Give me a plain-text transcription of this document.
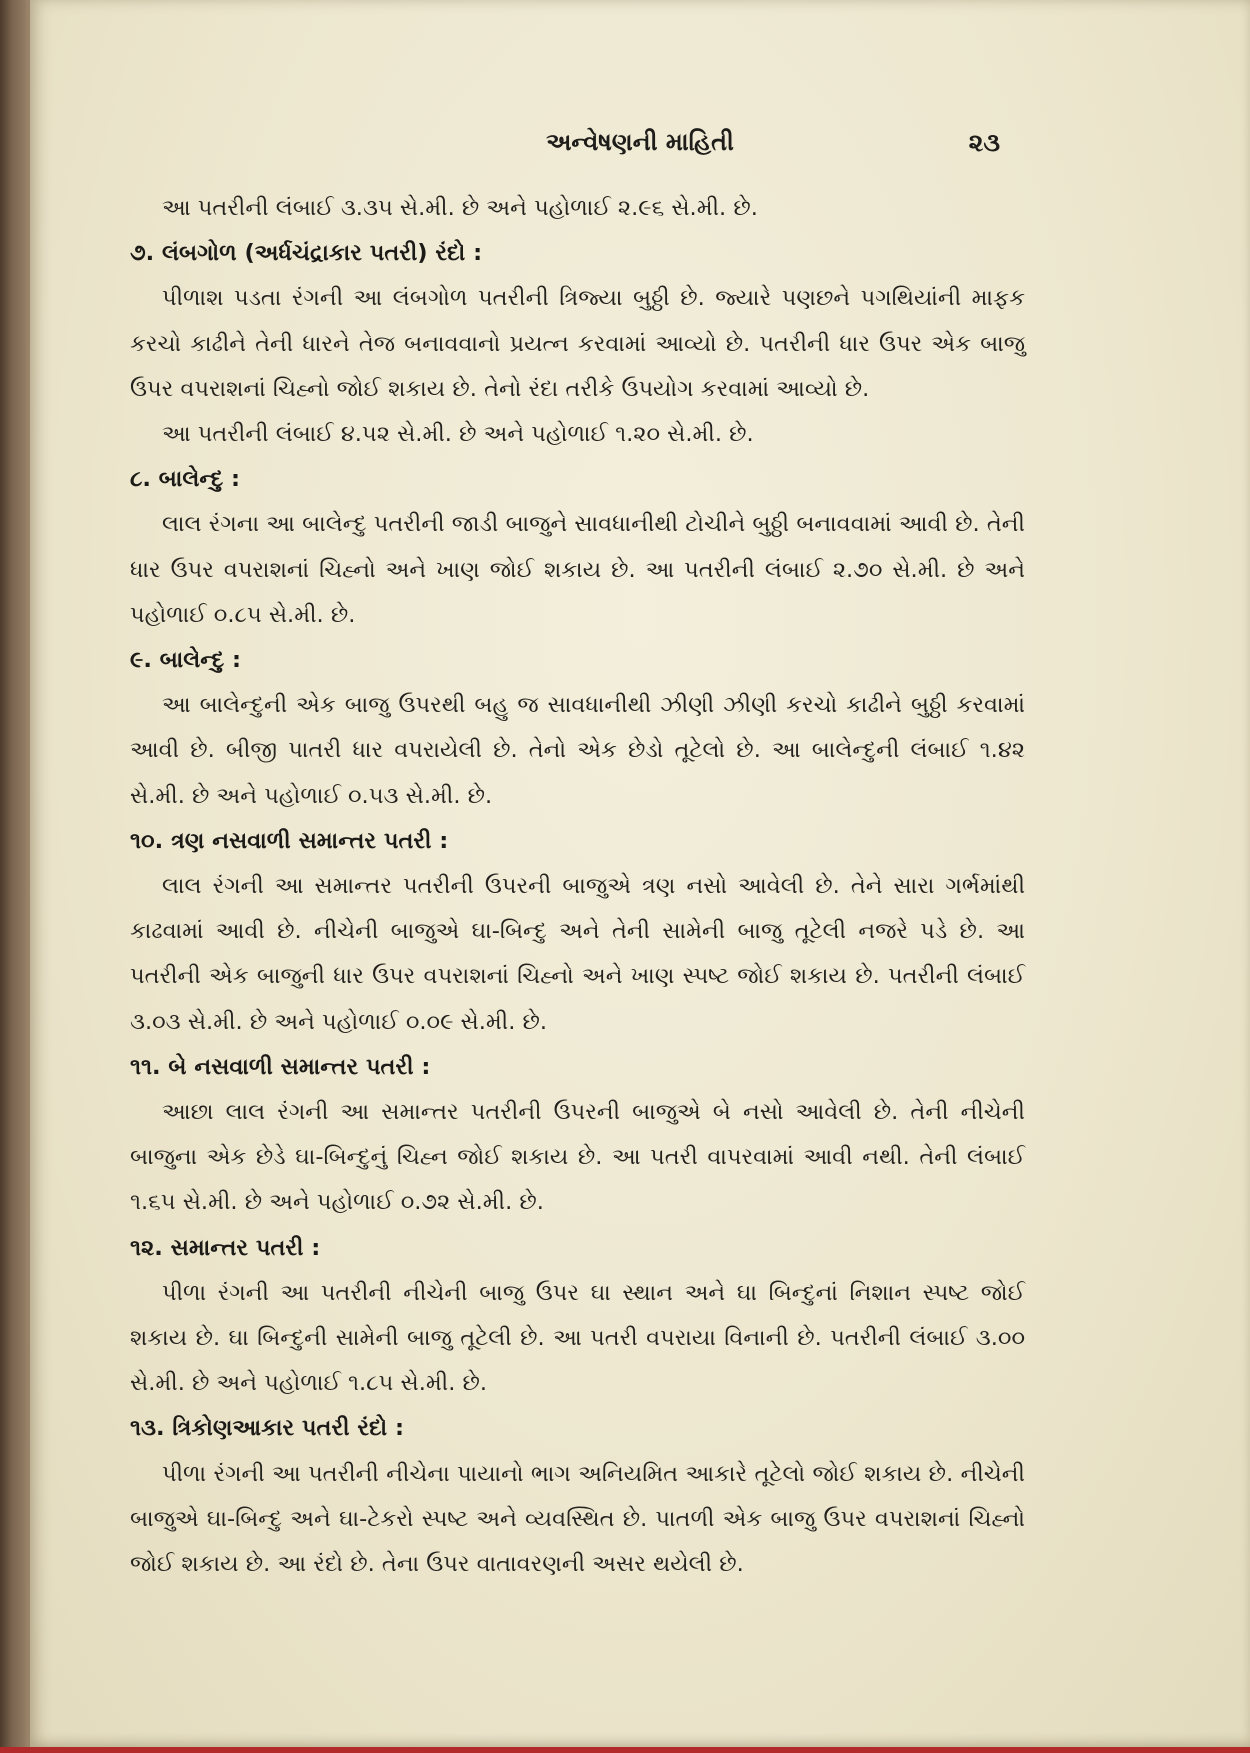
અન્વેષણની માહિતી	૨૩

આ પતરીની લંબાઈ ૩.૩૫ સે.મી. છે અને પહોળાઈ ૨.૯૬ સે.મી. છે.

૭. લંબગોળ (અર્ધચંદ્રાકાર પતરી) રંદો :

પીળાશ પડતા રંગની આ લંબગોળ પતરીની ત્રિજ્યા બુઠ્ઠી છે. જ્યારે પણછને પગથિયાંની માફક કરચો કાઢીને તેની ધારને તેજ બનાવવાનો પ્રયત્ન કરવામાં આવ્યો છે. પતરીની ધાર ઉપર એક બાજુ ઉપર વપરાશનાં ચિહ્નો જોઈ શકાય છે. તેનો રંદા તરીકે ઉપયોગ કરવામાં આવ્યો છે.

આ પતરીની લંબાઈ ૪.૫૨ સે.મી. છે અને પહોળાઈ ૧.૨૦ સે.મી. છે.

૮. બાલેન્દુ :

લાલ રંગના આ બાલેન્દુ પતરીની જાડી બાજુને સાવધાનીથી ટોચીને બુઠ્ઠી બનાવવામાં આવી છે. તેની ધાર ઉપર વપરાશનાં ચિહ્નો અને ખાણ જોઈ શકાય છે. આ પતરીની લંબાઈ ૨.૭૦ સે.મી. છે અને પહોળાઈ ૦.૮૫ સે.મી. છે.

૯. બાલેન્દુ :

આ બાલેન્દુની એક બાજુ ઉપરથી બહુ જ સાવધાનીથી ઝીણી ઝીણી કરચો કાઢીને બુઠ્ઠી કરવામાં આવી છે. બીજી પાતરી ધાર વપરાયેલી છે. તેનો એક છેડો તૂટેલો છે. આ બાલેન્દુની લંબાઈ ૧.૪૨ સે.મી. છે અને પહોળાઈ ૦.૫૩ સે.મી. છે.

૧૦. ત્રણ નસવાળી સમાન્તર પતરી :

લાલ રંગની આ સમાન્તર પતરીની ઉપરની બાજુએ ત્રણ નસો આવેલી છે. તેને સારા ગર્ભમાંથી કાઢવામાં આવી છે. નીચેની બાજુએ ઘા-બિન્દુ અને તેની સામેની બાજુ તૂટેલી નજરે પડે છે. આ પતરીની એક બાજુની ધાર ઉપર વપરાશનાં ચિહ્નો અને ખાણ સ્પષ્ટ જોઈ શકાય છે. પતરીની લંબાઈ ૩.૦૩ સે.મી. છે અને પહોળાઈ ૦.૦૯ સે.મી. છે.

૧૧. બે નસવાળી સમાન્તર પતરી :

આછા લાલ રંગની આ સમાન્તર પતરીની ઉપરની બાજુએ બે નસો આવેલી છે. તેની નીચેની બાજુના એક છેડે ઘા-બિન્દુનું ચિહ્ન જોઈ શકાય છે. આ પતરી વાપરવામાં આવી નથી. તેની લંબાઈ ૧.૬૫ સે.મી. છે અને પહોળાઈ ૦.૭૨ સે.મી. છે.

૧૨. સમાન્તર પતરી :

પીળા રંગની આ પતરીની નીચેની બાજુ ઉપર ઘા સ્થાન અને ઘા બિન્દુનાં નિશાન સ્પષ્ટ જોઈ શકાય છે. ઘા બિન્દુની સામેની બાજુ તૂટેલી છે. આ પતરી વપરાયા વિનાની છે. પતરીની લંબાઈ ૩.૦૦ સે.મી. છે અને પહોળાઈ ૧.૮૫ સે.મી. છે.

૧૩. ત્રિકોણઆકાર પતરી રંદો :

પીળા રંગની આ પતરીની નીચેના પાયાનો ભાગ અનિયમિત આકારે તૂટેલો જોઈ શકાય છે. નીચેની બાજુએ ઘા-બિન્દુ અને ઘા-ટેકરો સ્પષ્ટ અને વ્યવસ્થિત છે. પાતળી એક બાજુ ઉપર વપરાશનાં ચિહ્નો જોઈ શકાય છે. આ રંદો છે. તેના ઉપર વાતાવરણની અસર થયેલી છે.
